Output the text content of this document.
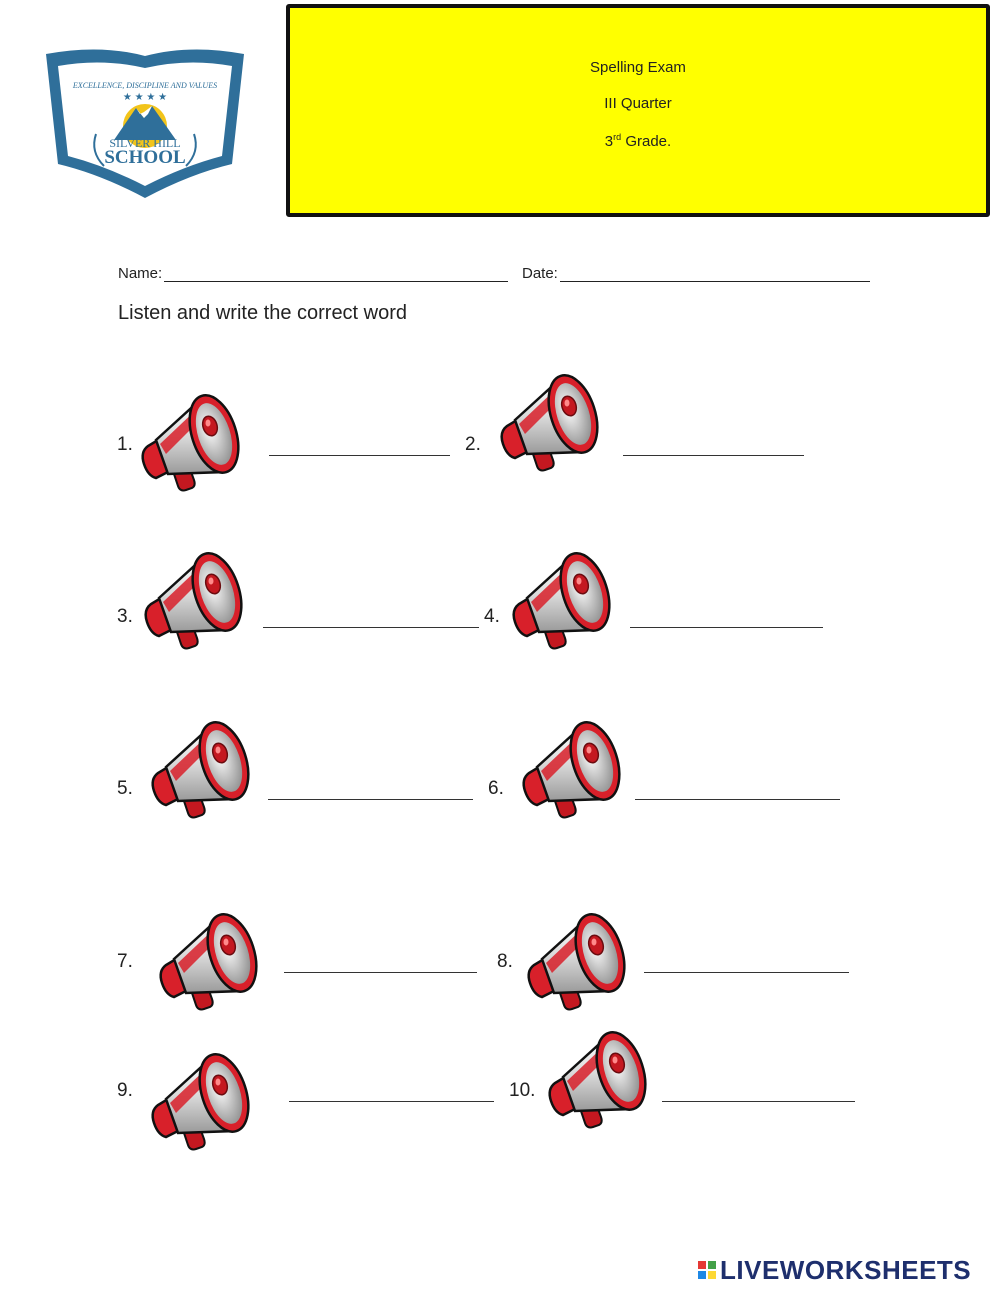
EXCELLENCE, DISCIPLINE AND VALUES
★ ★ ★ ★
SILVER HILL
SCHOOL
Spelling Exam
III Quarter
3rd Grade.
Name:	Date:
Listen and write the correct word
1.	2.
3.	4.
5.	6.
7.	8.
9.	10.
LIVEWORKSHEETS
